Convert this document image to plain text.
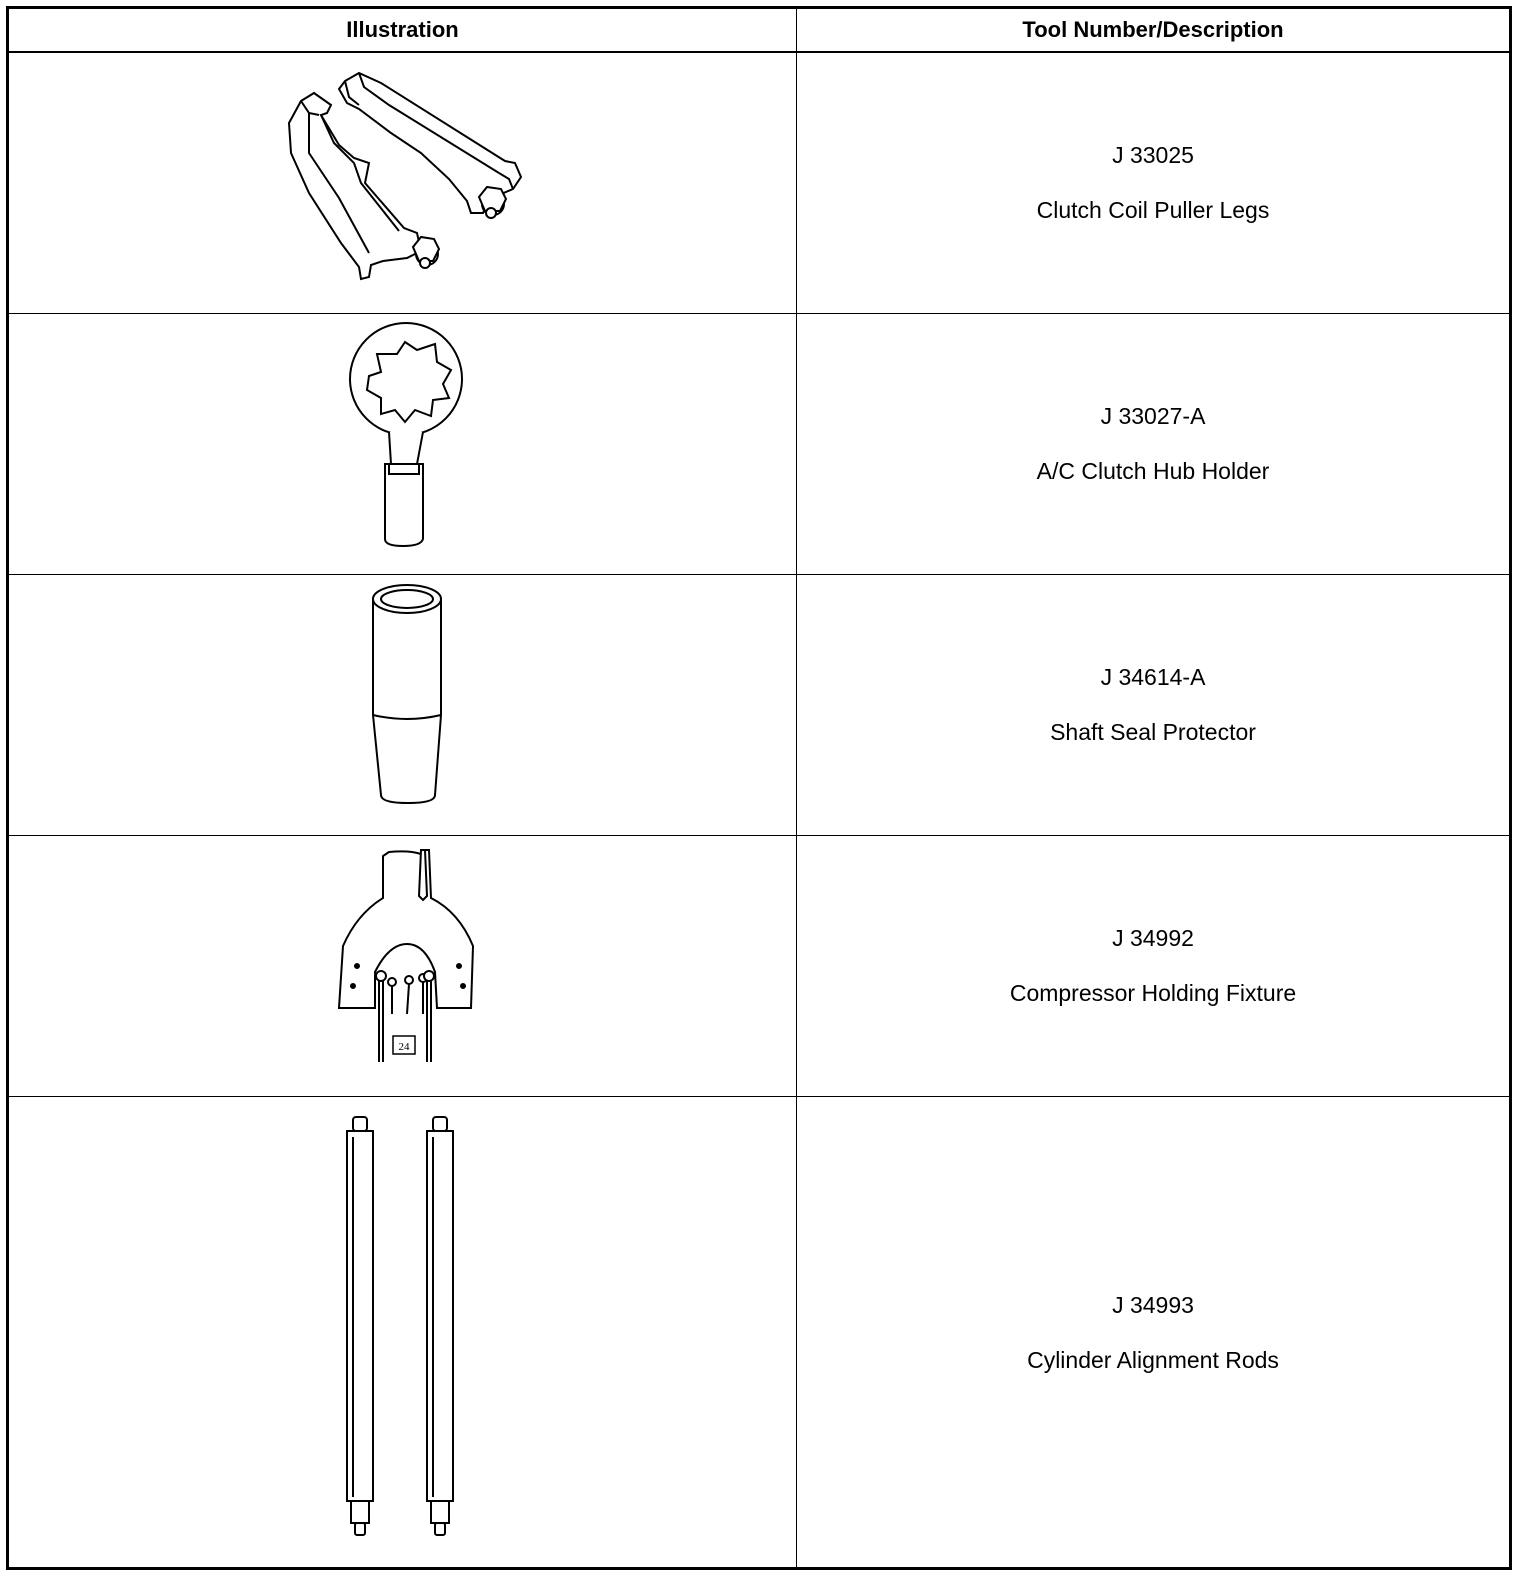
Illustration	Tool Number/Description
J 33025
Clutch Coil Puller Legs
J 33027-A
A/C Clutch Hub Holder
J 34614-A
Shaft Seal Protector
24
J 34992
Compressor Holding Fixture
J 34993
Cylinder Alignment Rods
